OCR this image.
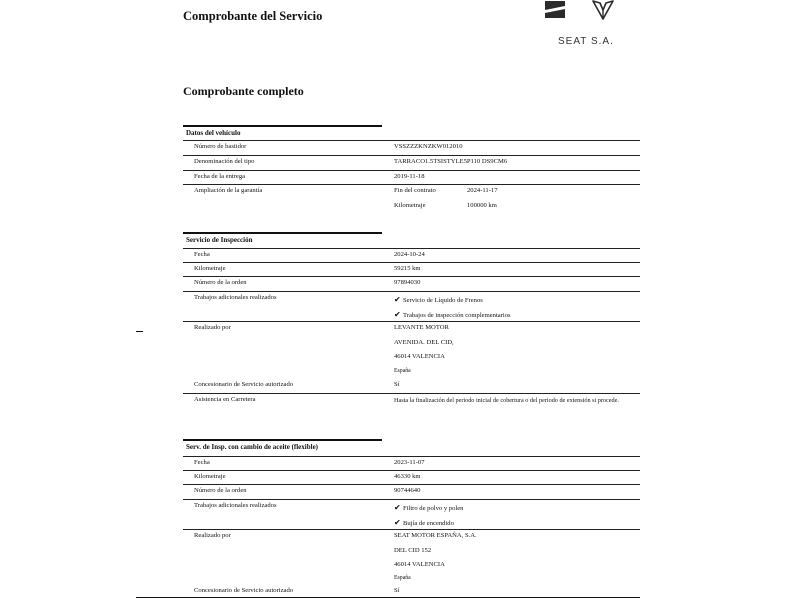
Comprobante del Servicio
SEAT S.A.
Comprobante completo
Datos del vehículo
Número de bastidor	VSSZZZKNZKW012010
Denominación del tipo	TARRACO1.5TSISTYLE5P110 DS9CM6
Fecha de la entrega	2019-11-18
Ampliación de la garantía	Fin del contrato	2024-11-17
Kilometraje	100000 km
Servicio de Inspección
Fecha	2024-10-24
Kilometraje	59215 km
Número de la orden	97894030
Trabajos adicionales realizados	✔ Servicio de Líquido de Frenos
✔ Trabajos de inspección complementarios
Realizado por	LEVANTE MOTOR
AVENIDA. DEL CID,
46014 VALENCIA
España
Concesionario de Servicio autorizado	Sí
Asistencia en Carretera	Hasta la finalización del periodo inicial de cobertura o del periodo de extensión si procede.
Serv. de Insp. con cambio de aceite (flexible)
Fecha	2023-11-07
Kilometraje	46330 km
Número de la orden	90744640
Trabajos adicionales realizados	✔ Filtro de polvo y polen
✔ Bujía de encendido
Realizado por	SEAT MOTOR ESPAÑA, S.A.
DEL CID 152
46014 VALENCIA
España
Concesionario de Servicio autorizado	Sí
